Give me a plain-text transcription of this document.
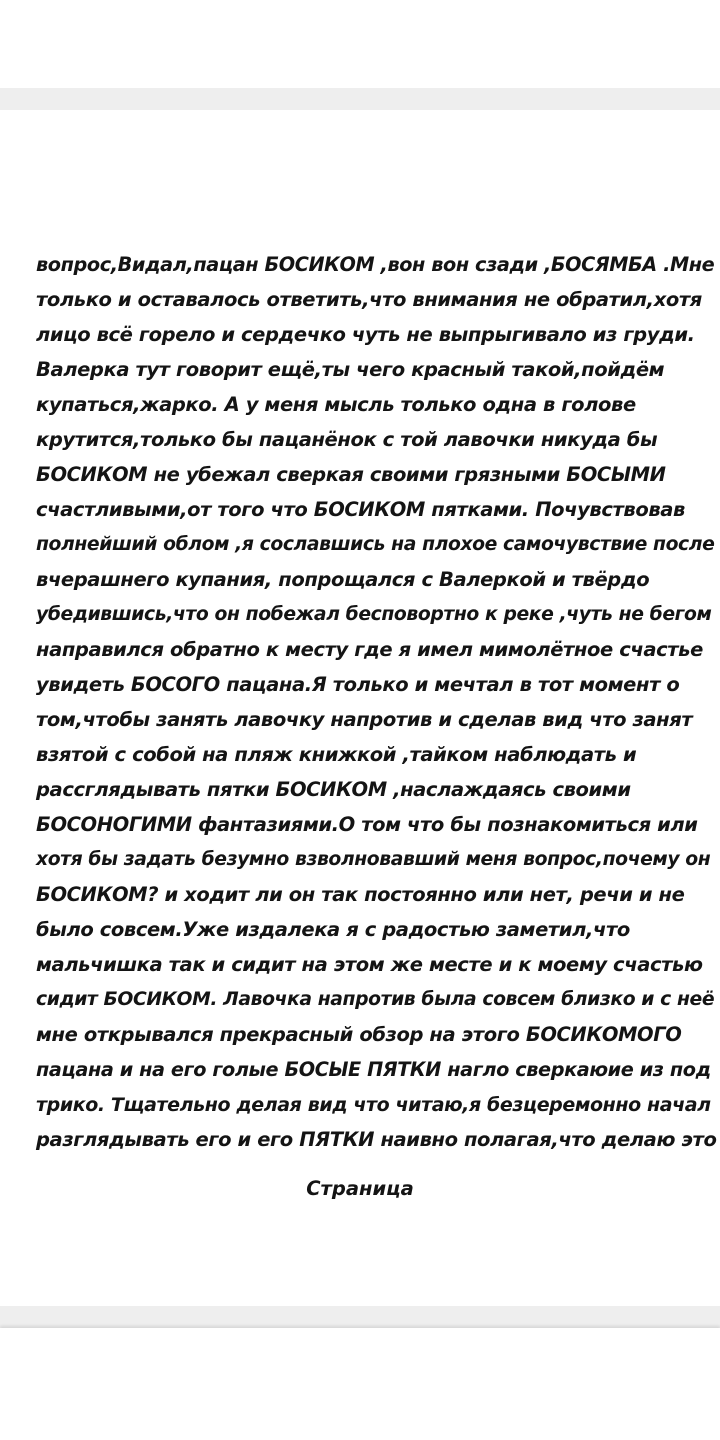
вопрос,Видал,пацан БОСИКОМ ,вон вон сзади ,БОСЯМБА .Мне
только и оставалось ответить,что внимания не обратил,хотя
лицо всё горело и сердечко чуть не выпрыгивало из груди.
Валерка тут говорит ещё,ты чего красный такой,пойдём
купаться,жарко. А у меня мысль только одна в голове
крутится,только бы пацанёнок с той лавочки никуда бы
БОСИКОМ не убежал сверкая своими грязными БОСЫМИ
счастливыми,от того что БОСИКОМ пятками. Почувствовав
полнейший облом ,я сославшись на плохое самочувствие после
вчерашнего купания, попрощался с Валеркой и твёрдо
убедившись,что он побежал бесповортно к реке ,чуть не бегом
направился обратно к месту где я имел мимолётное счастье
увидеть БОСОГО пацана.Я только и мечтал в тот момент о
том,чтобы занять лавочку напротив и сделав вид что занят
взятой с собой на пляж книжкой ,тайком наблюдать и
рассглядывать пятки БОСИКОМ ,наслаждаясь своими
БОСОНОГИМИ фантазиями.О том что бы познакомиться или
хотя бы задать безумно взволновавший меня вопрос,почему он
БОСИКОМ? и ходит ли он так постоянно или нет, речи и не
было совсем.Уже издалека я с радостью заметил,что
мальчишка так и сидит на этом же месте и к моему счастью
сидит БОСИКОМ. Лавочка напротив была совсем близко и с неё
мне открывался прекрасный обзор на этого БОСИКОМОГО
пацана и на его голые БОСЫЕ ПЯТКИ нагло сверкаюие из под
трико. Тщательно делая вид что читаю,я безцеремонно начал
разглядывать его и его ПЯТКИ наивно полагая,что делаю это
Страница
